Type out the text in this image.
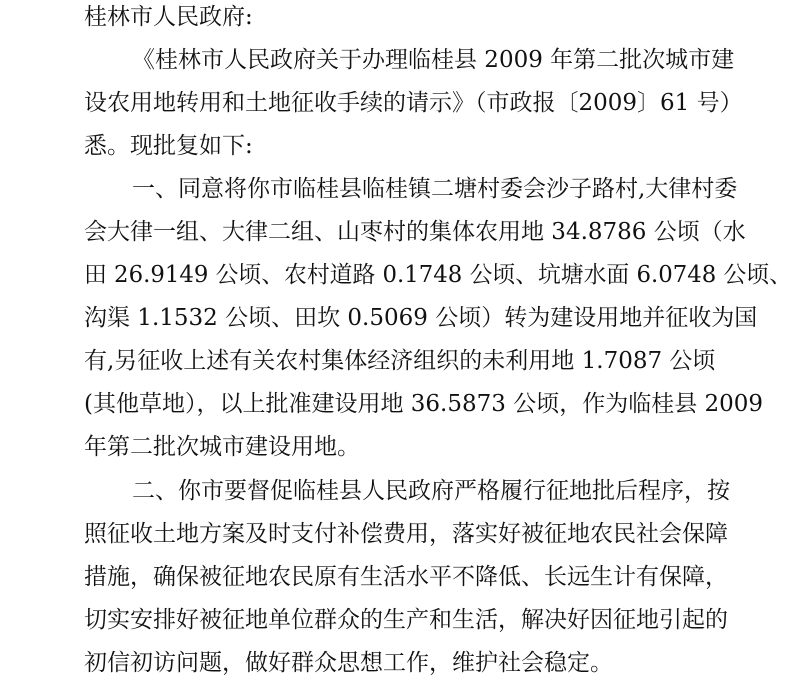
桂林市人民政府:
《桂林市人民政府关于办理临桂县 2009 年第二批次城市建
设农用地转用和土地征收手续的请示》（市政报〔2009〕61 号）
悉。现批复如下:
一、同意将你市临桂县临桂镇二塘村委会沙子路村,大律村委
会大律一组、大律二组、山枣村的集体农用地 34.8786 公顷（水
田 26.9149 公顷、农村道路 0.1748 公顷、坑塘水面 6.0748 公顷、
沟渠 1.1532 公顷、田坎 0.5069 公顷）转为建设用地并征收为国
有,另征收上述有关农村集体经济组织的未利用地 1.7087 公顷
(其他草地），以上批准建设用地 36.5873 公顷，作为临桂县 2009
年第二批次城市建设用地。
二、你市要督促临桂县人民政府严格履行征地批后程序，按
照征收土地方案及时支付补偿费用，落实好被征地农民社会保障
措施，确保被征地农民原有生活水平不降低、长远生计有保障，
切实安排好被征地单位群众的生产和生活，解决好因征地引起的
初信初访问题，做好群众思想工作，维护社会稳定。
